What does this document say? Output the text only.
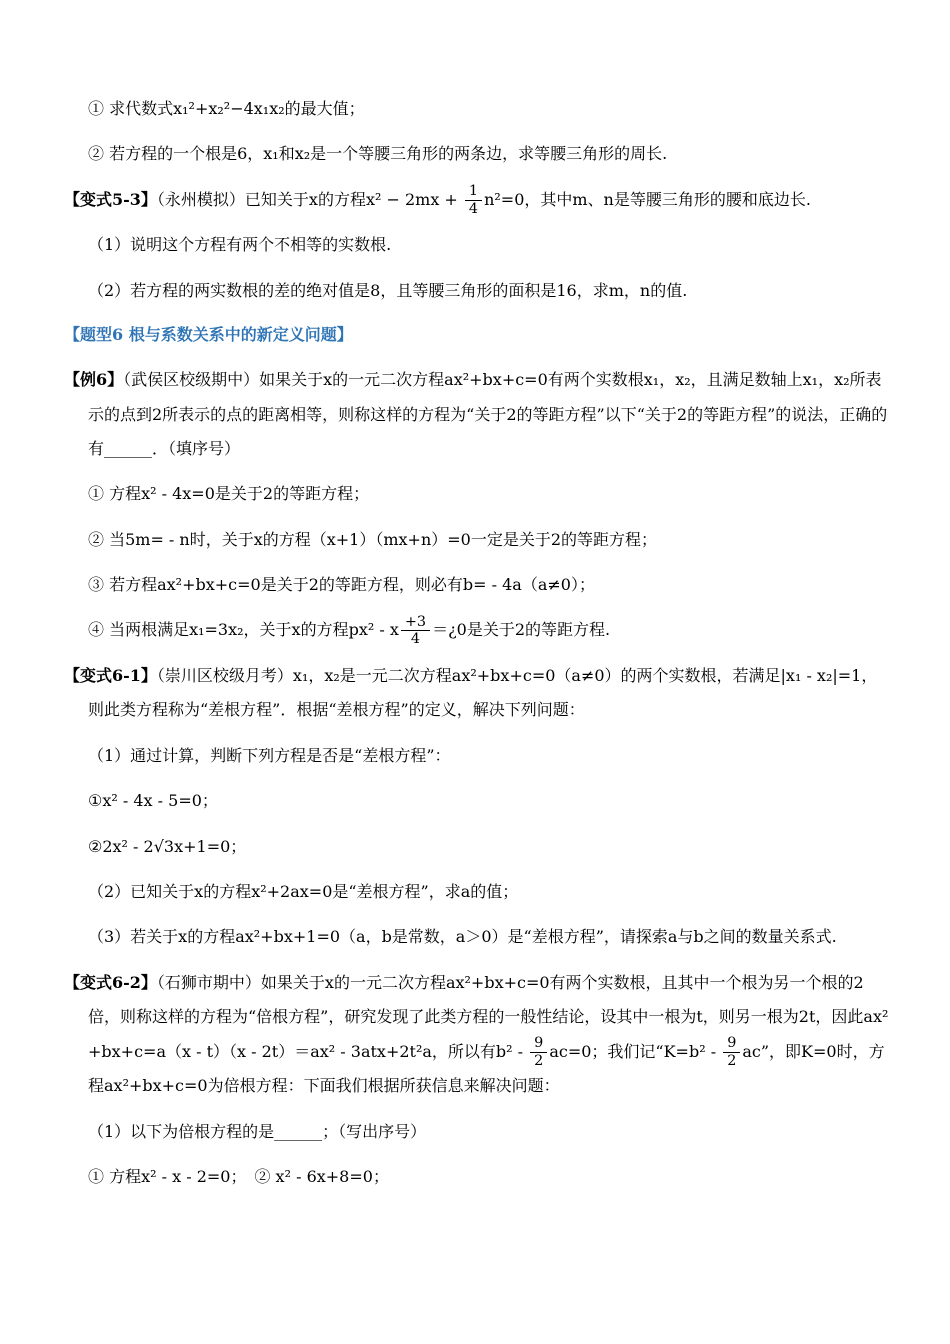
① 求代数式x₁²+x₂²−4x₁x₂的最大值；

② 若方程的一个根是6，x₁和x₂是一个等腰三角形的两条边，求等腰三角形的周长.

【变式5-3】（永州模拟）已知关于x的方程$x^2 - 2mx + \frac{1}{4} n^2=0$，其中m、n是等腰三角形的腰和底边长.

（1）说明这个方程有两个不相等的实数根.

（2）若方程的两实数根的差的绝对值是8，且等腰三角形的面积是16，求m，n的值.

【题型6 根与系数关系中的新定义问题】

【例6】（武侯区校级期中）如果关于x的一元二次方程ax²+bx+c=0有两个实数根x₁，x₂，且满足数轴上x₁，x₂所表示的点到2所表示的点的距离相等，则称这样的方程为“关于2的等距方程”以下“关于2的等距方程”的说法，正确的有______．（填序号）

① 方程x² - 4x=0是关于2的等距方程；

② 当5m= - n时，关于x的方程（x+1）（mx+n）=0一定是关于2的等距方程；

③ 若方程ax²+bx+c=0是关于2的等距方程，则必有b= - 4a（a≠0）；

④ 当两根满足x₁=3x₂，关于x的方程px² - x $\frac{+3}{4}$ ＝¿0是关于2的等距方程.

【变式6-1】（崇川区校级月考）x₁，x₂是一元二次方程ax²+bx+c=0（a≠0）的两个实数根，若满足|x₁ - x₂|=1，则此类方程称为“差根方程”．根据“差根方程”的定义，解决下列问题：

（1）通过计算，判断下列方程是否是“差根方程”：

①x² - 4x - 5=0；

②2x² - 2√3x+1=0；

（2）已知关于x的方程x²+2ax=0是“差根方程”，求a的值；

（3）若关于x的方程ax²+bx+1=0（a，b是常数，a＞0）是“差根方程”，请探索a与b之间的数量关系式.

【变式6-2】（石狮市期中）如果关于x的一元二次方程ax²+bx+c=0有两个实数根，且其中一个根为另一个根的2倍，则称这样的方程为“倍根方程”，研究发现了此类方程的一般性结论，设其中一根为t，则另一根为2t，因此ax²+bx+c=a（x - t）（x - 2t）＝ax² - 3atx+2t²a，所以有$b^2 - \frac{9}{2} ac=0$；我们记“$K=b^2 - \frac{9}{2}$ ac”，即K=0时，方程ax²+bx+c=0为倍根方程：下面我们根据所获信息来解决问题：

（1）以下为倍根方程的是______；（写出序号）

① 方程x² - x - 2=0；　② x² - 6x+8=0；
